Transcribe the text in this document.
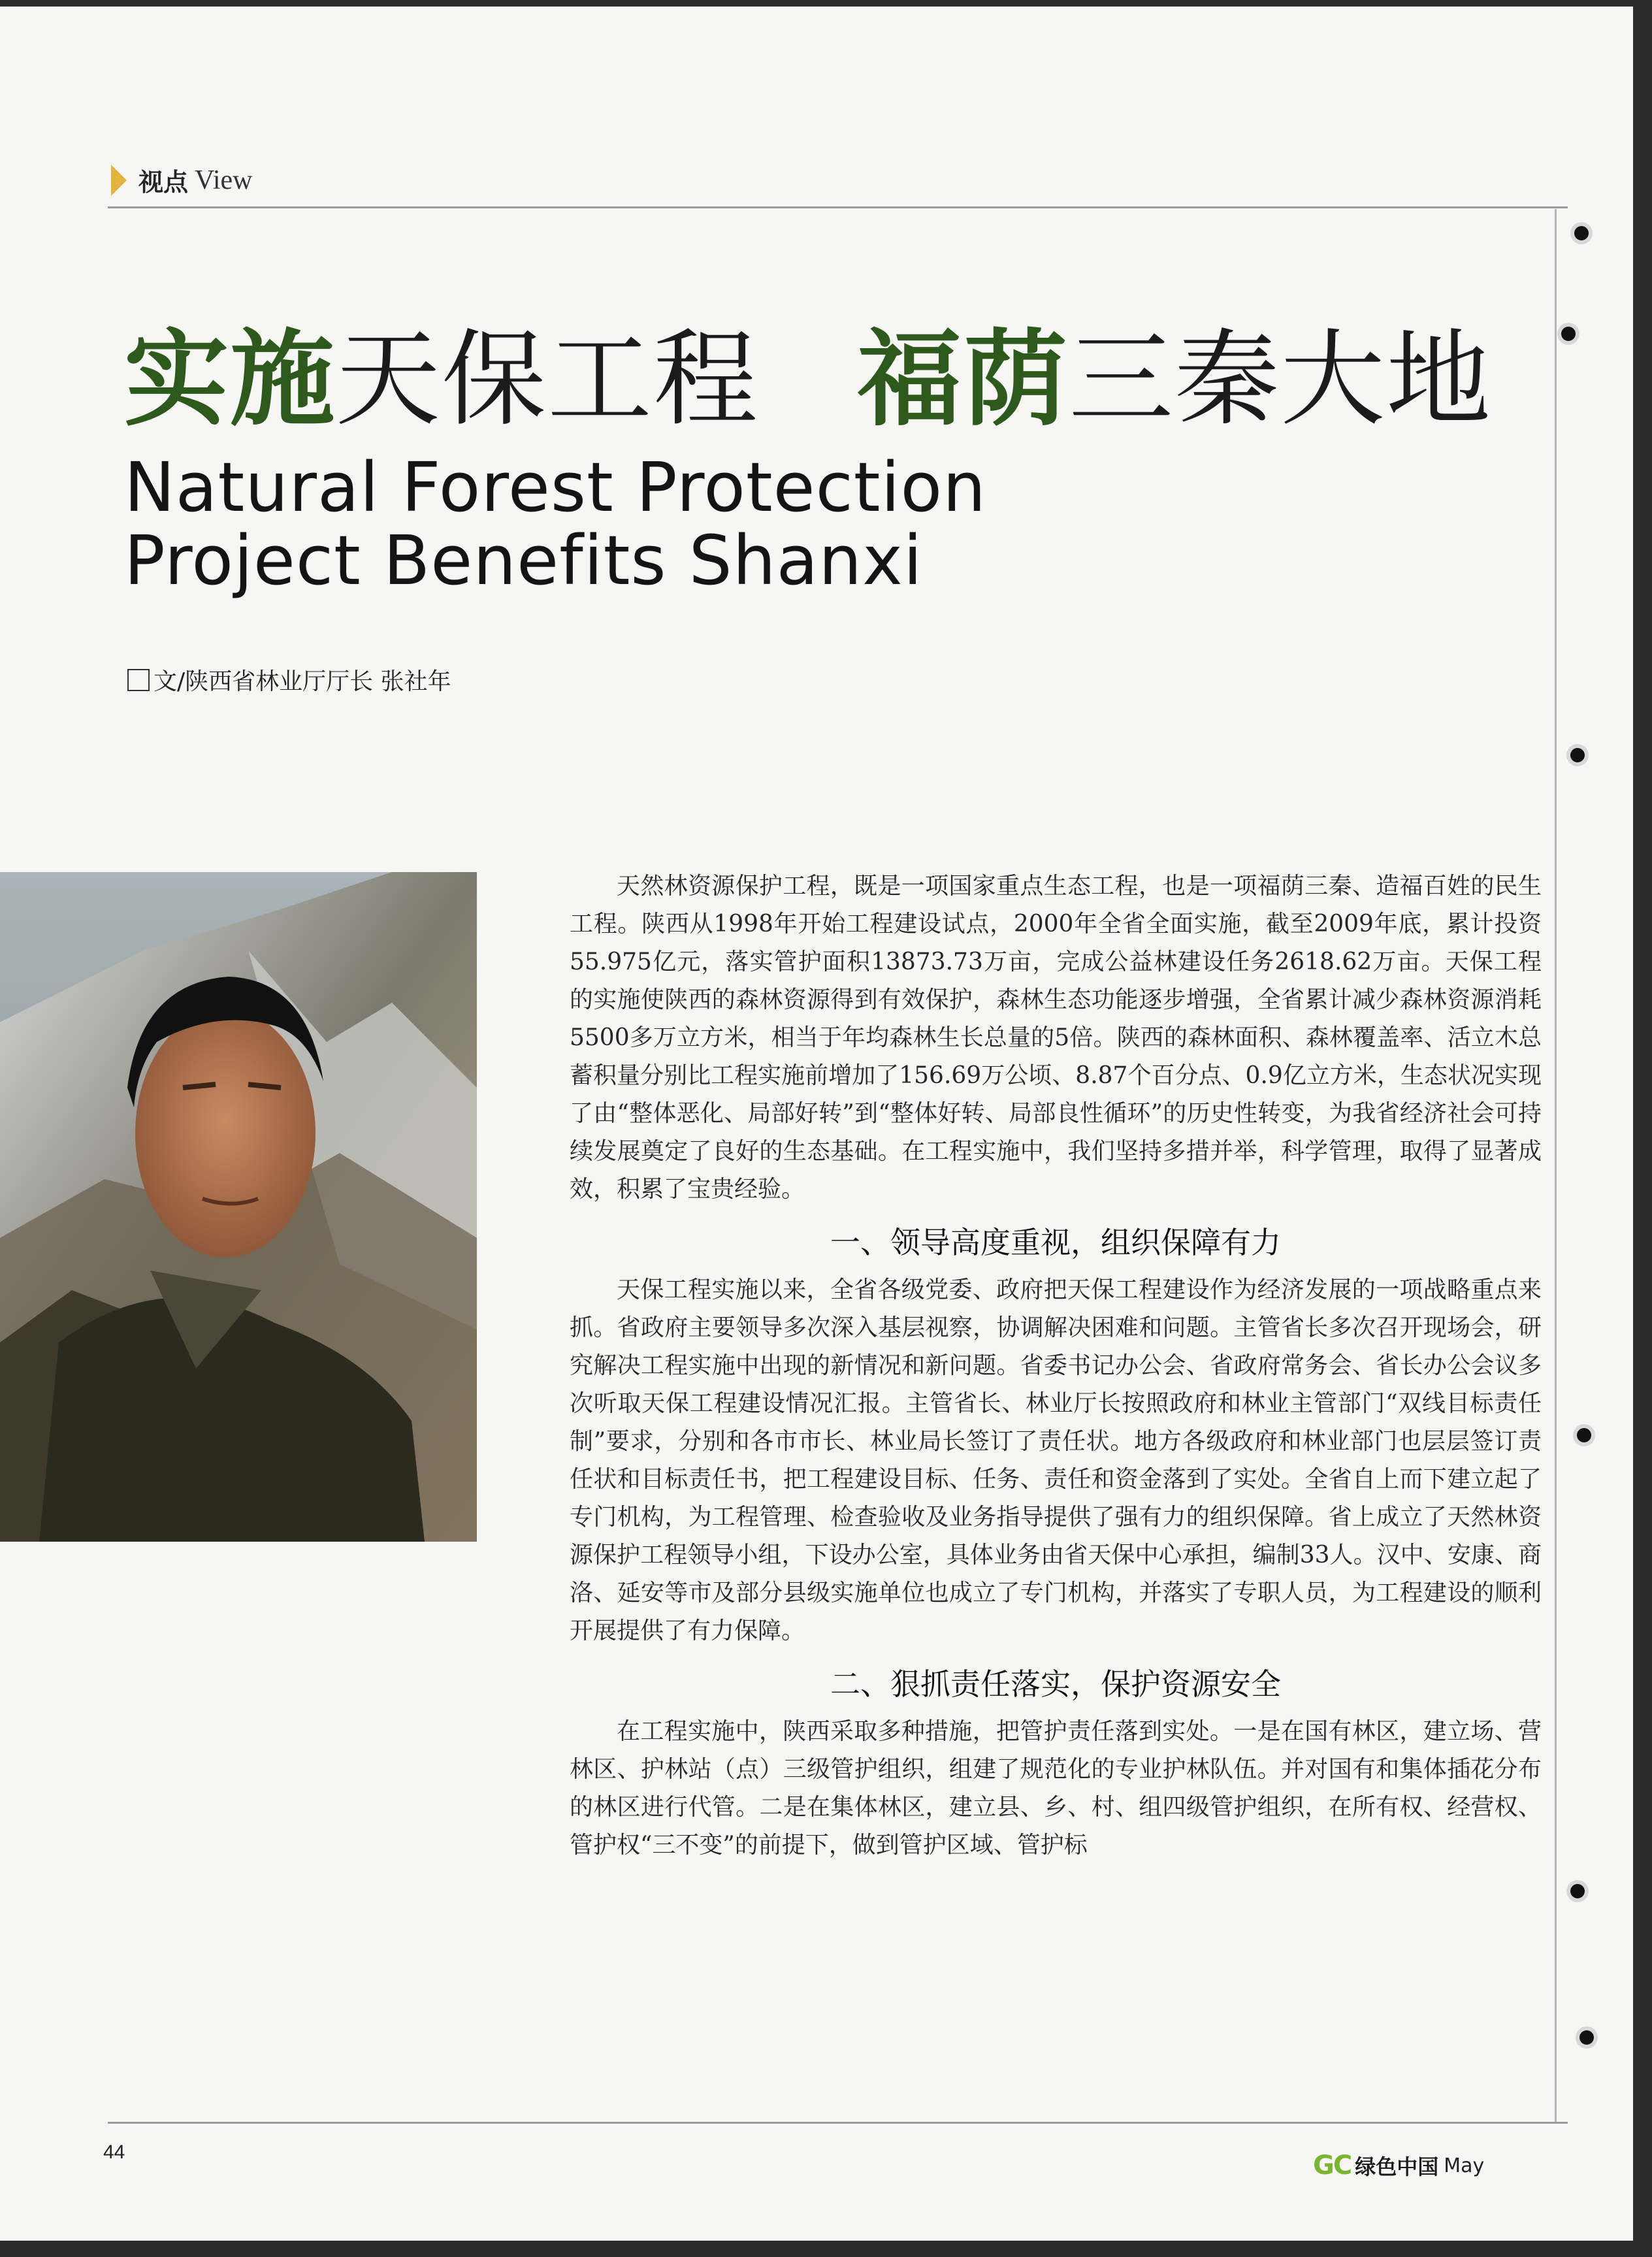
视点 View
实施天保工程 福荫三秦大地
Natural Forest Protection
Project Benefits Shanxi
文/陕西省林业厅厅长 张社年

天然林资源保护工程，既是一项国家重点生态工程，也是一项福荫三秦、造福百姓的民生工程。陕西从1998年开始工程建设试点，2000年全省全面实施，截至2009年底，累计投资55.975亿元，落实管护面积13873.73万亩，完成公益林建设任务2618.62万亩。天保工程的实施使陕西的森林资源得到有效保护，森林生态功能逐步增强，全省累计减少森林资源消耗5500多万立方米，相当于年均森林生长总量的5倍。陕西的森林面积、森林覆盖率、活立木总蓄积量分别比工程实施前增加了156.69万公顷、8.87个百分点、0.9亿立方米，生态状况实现了由“整体恶化、局部好转”到“整体好转、局部良性循环”的历史性转变，为我省经济社会可持续发展奠定了良好的生态基础。在工程实施中，我们坚持多措并举，科学管理，取得了显著成效，积累了宝贵经验。

一、领导高度重视，组织保障有力

天保工程实施以来，全省各级党委、政府把天保工程建设作为经济发展的一项战略重点来抓。省政府主要领导多次深入基层视察，协调解决困难和问题。主管省长多次召开现场会，研究解决工程实施中出现的新情况和新问题。省委书记办公会、省政府常务会、省长办公会议多次听取天保工程建设情况汇报。主管省长、林业厅长按照政府和林业主管部门“双线目标责任制”要求，分别和各市市长、林业局长签订了责任状。地方各级政府和林业部门也层层签订责任状和目标责任书，把工程建设目标、任务、责任和资金落到了实处。全省自上而下建立起了专门机构，为工程管理、检查验收及业务指导提供了强有力的组织保障。省上成立了天然林资源保护工程领导小组，下设办公室，具体业务由省天保中心承担，编制33人。汉中、安康、商洛、延安等市及部分县级实施单位也成立了专门机构，并落实了专职人员，为工程建设的顺利开展提供了有力保障。

二、狠抓责任落实，保护资源安全

在工程实施中，陕西采取多种措施，把管护责任落到实处。一是在国有林区，建立场、营林区、护林站（点）三级管护组织，组建了规范化的专业护林队伍。并对国有和集体插花分布的林区进行代管。二是在集体林区，建立县、乡、村、组四级管护组织，在所有权、经营权、管护权“三不变”的前提下，做到管护区域、管护标

44	GC 绿色中国 May
